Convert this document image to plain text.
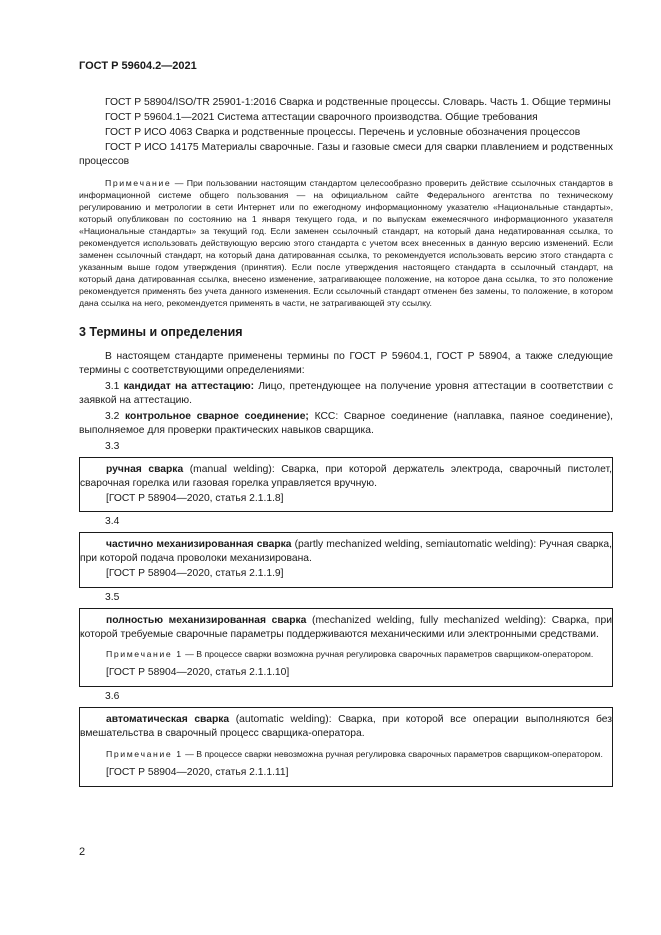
ГОСТ Р 59604.2—2021

ГОСТ Р 58904/ISO/TR 25901-1:2016 Сварка и родственные процессы. Словарь. Часть 1. Общие термины

ГОСТ Р 59604.1—2021 Система аттестации сварочного производства. Общие требования

ГОСТ Р ИСО 4063 Сварка и родственные процессы. Перечень и условные обозначения процессов

ГОСТ Р ИСО 14175 Материалы сварочные. Газы и газовые смеси для сварки плавлением и родственных процессов

Примечание — При пользовании настоящим стандартом целесообразно проверить действие ссылочных стандартов в информационной системе общего пользования — на официальном сайте Федерального агентства по техническому регулированию и метрологии в сети Интернет или по ежегодному информационному указателю «Национальные стандарты», который опубликован по состоянию на 1 января текущего года, и по выпускам ежемесячного информационного указателя «Национальные стандарты» за текущий год. Если заменен ссылочный стандарт, на который дана недатированная ссылка, то рекомендуется использовать действующую версию этого стандарта с учетом всех внесенных в данную версию изменений. Если заменен ссылочный стандарт, на который дана датированная ссылка, то рекомендуется использовать версию этого стандарта с указанным выше годом утверждения (принятия). Если после утверждения настоящего стандарта в ссылочный стандарт, на который дана датированная ссылка, внесено изменение, затрагивающее положение, на которое дана ссылка, то это положение рекомендуется применять без учета данного изменения. Если ссылочный стандарт отменен без замены, то положение, в котором дана ссылка на него, рекомендуется применять в части, не затрагивающей эту ссылку.

3 Термины и определения

В настоящем стандарте применены термины по ГОСТ Р 59604.1, ГОСТ Р 58904, а также следующие термины с соответствующими определениями:

3.1 кандидат на аттестацию: Лицо, претендующее на получение уровня аттестации в соответствии с заявкой на аттестацию.

3.2 контрольное сварное соединение; КСС: Сварное соединение (наплавка, паяное соединение), выполняемое для проверки практических навыков сварщика.

3.3

ручная сварка (manual welding): Сварка, при которой держатель электрода, сварочный пистолет, сварочная горелка или газовая горелка управляется вручную.

[ГОСТ Р 58904—2020, статья 2.1.1.8]

3.4

частично механизированная сварка (partly mechanized welding, semiautomatic welding): Ручная сварка, при которой подача проволоки механизирована.

[ГОСТ Р 58904—2020, статья 2.1.1.9]

3.5

полностью механизированная сварка (mechanized welding, fully mechanized welding): Сварка, при которой требуемые сварочные параметры поддерживаются механическими или электронными средствами.

Примечание 1 — В процессе сварки возможна ручная регулировка сварочных параметров сварщиком-оператором.

[ГОСТ Р 58904—2020, статья 2.1.1.10]

3.6

автоматическая сварка (automatic welding): Сварка, при которой все операции выполняются без вмешательства в сварочный процесс сварщика-оператора.

Примечание 1 — В процессе сварки невозможна ручная регулировка сварочных параметров сварщиком-оператором.

[ГОСТ Р 58904—2020, статья 2.1.1.11]

2
